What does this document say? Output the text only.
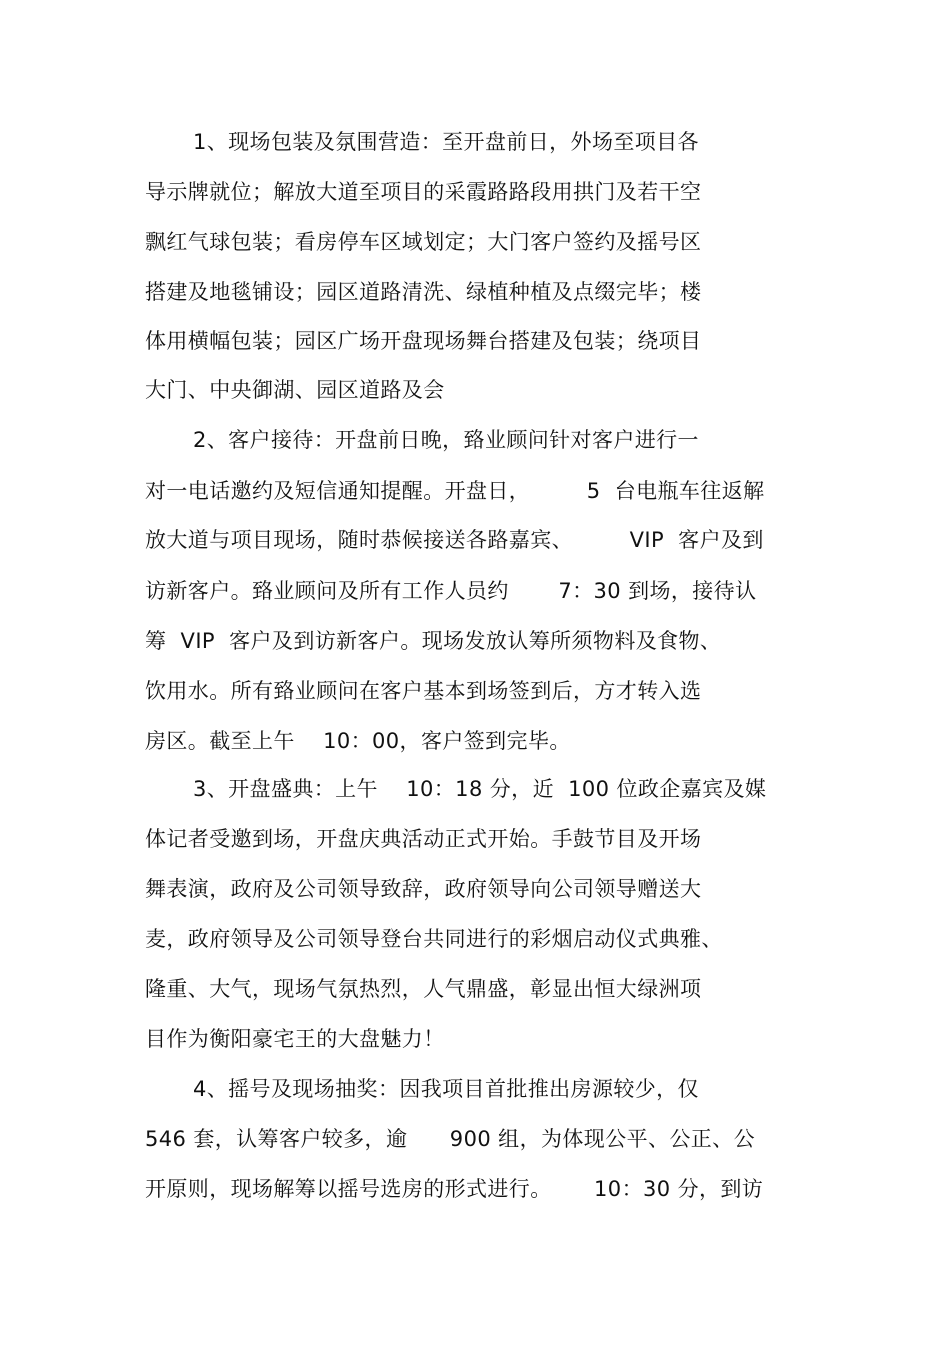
1、现场包装及氛围营造：至开盘前日，外场至项目各
导示牌就位；解放大道至项目的采霞路路段用拱门及若干空
飘红气球包装；看房停车区域划定；大门客户签约及摇号区
搭建及地毯铺设；园区道路清洗、绿植种植及点缀完毕；楼
体用横幅包装；园区广场开盘现场舞台搭建及包装；绕项目
大门、中央御湖、园区道路及会
2、客户接待：开盘前日晚，臵业顾问针对客户进行一
对一电话邀约及短信通知提醒。开盘日，        5  台电瓶车往返解
放大道与项目现场，随时恭候接送各路嘉宾、        VIP  客户及到
访新客户。臵业顾问及所有工作人员约       7：30 到场，接待认
筹  VIP  客户及到访新客户。现场发放认筹所须物料及食物、
饮用水。所有臵业顾问在客户基本到场签到后，方才转入选
房区。截至上午    10：00，客户签到完毕。
3、开盘盛典：上午    10：18 分，近  100 位政企嘉宾及媒
体记者受邀到场，开盘庆典活动正式开始。手鼓节目及开场
舞表演，政府及公司领导致辞，政府领导向公司领导赠送大
麦，政府领导及公司领导登台共同进行的彩烟启动仪式典雅、
隆重、大气，现场气氛热烈，人气鼎盛，彰显出恒大绿洲项
目作为衡阳豪宅王的大盘魅力！
4、摇号及现场抽奖：因我项目首批推出房源较少，仅
546 套，认筹客户较多，逾      900 组，为体现公平、公正、公
开原则，现场解筹以摇号选房的形式进行。      10：30 分，到访
